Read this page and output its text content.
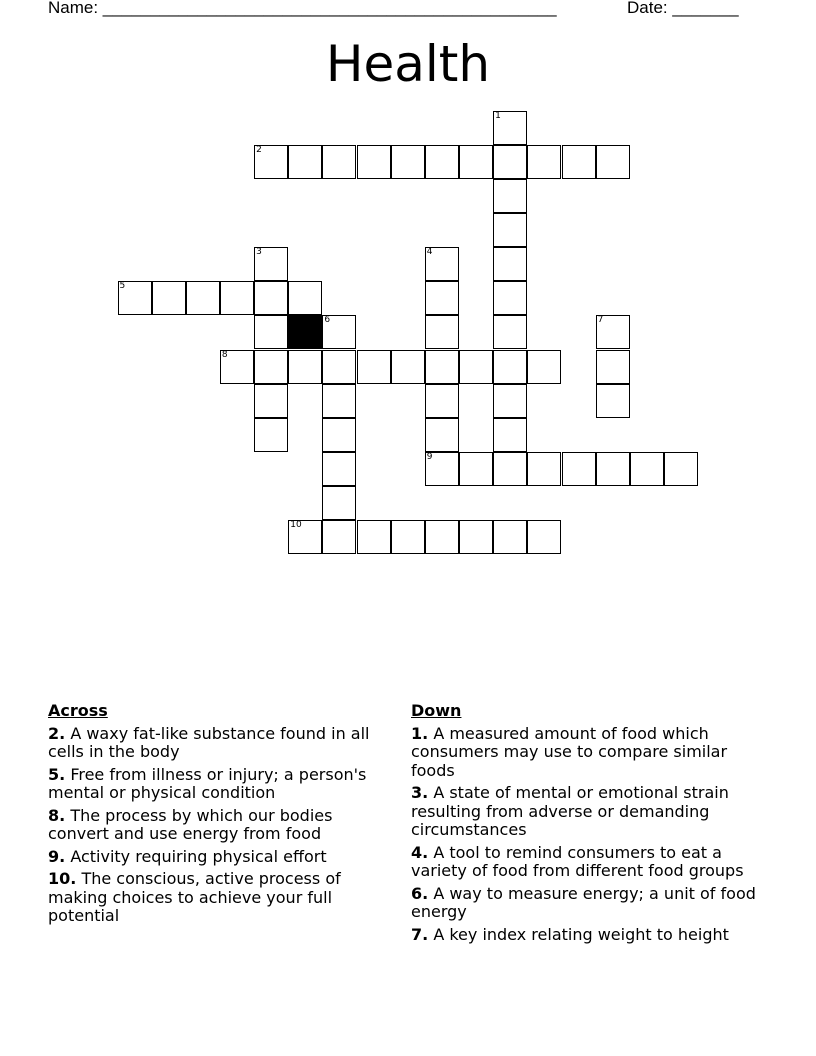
Name: ________________________________________________

	Date: _______

Health
1
2
3	4
9
5
6	7
8
10
Across
2. A waxy fat-like substance found in all cells in the body
5. Free from illness or injury; a person's mental or physical condition
8. The process by which our bodies convert and use energy from food
9. Activity requiring physical effort
10. The conscious, active process of making choices to achieve your full potential
Down
1. A measured amount of food which consumers may use to compare similar foods
3. A state of mental or emotional strain resulting from adverse or demanding circumstances
4. A tool to remind consumers to eat a variety of food from different food groups
6. A way to measure energy; a unit of food energy
7. A key index relating weight to height
